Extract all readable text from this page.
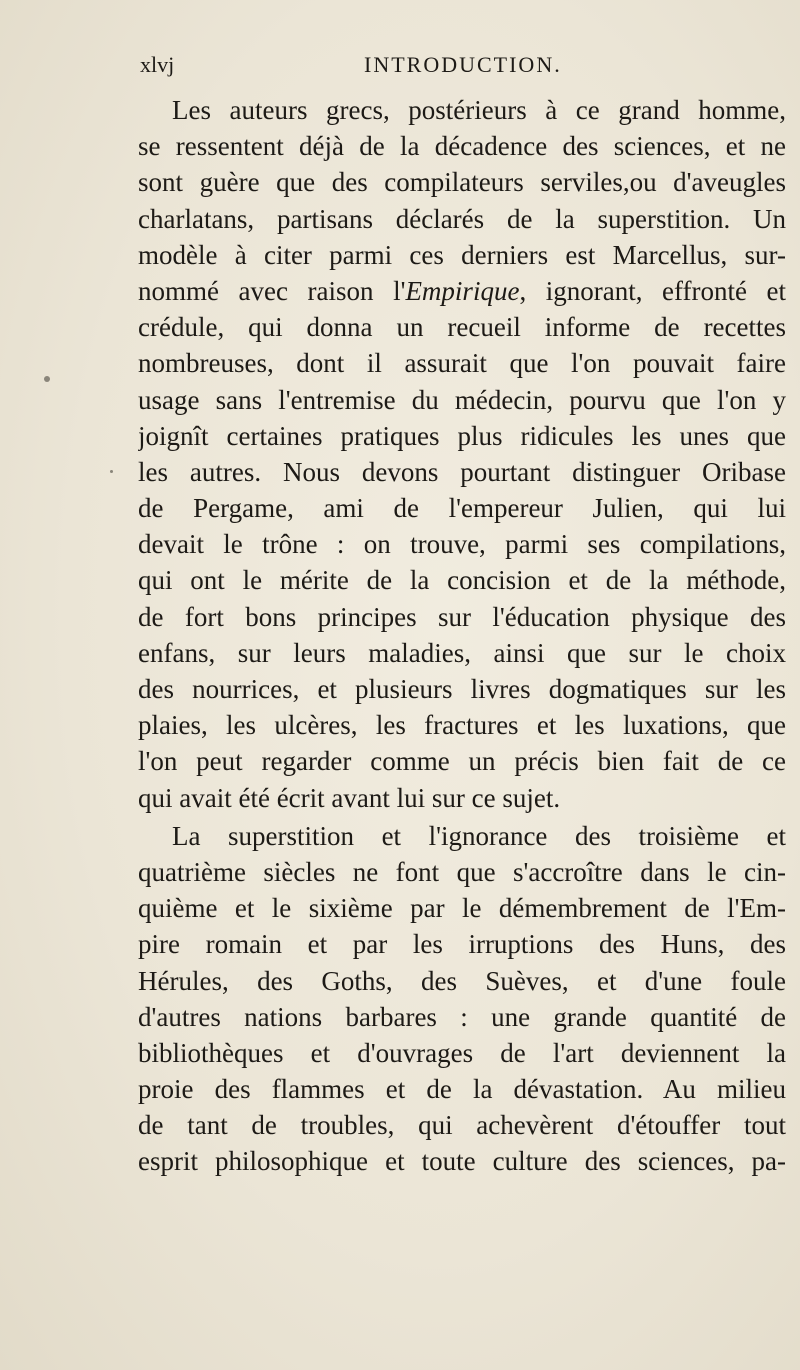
xlvj	INTRODUCTION.
Les auteurs grecs, postérieurs à ce grand homme,
se ressentent déjà de la décadence des sciences, et ne
sont guère que des compilateurs serviles,ou d'aveugles
charlatans, partisans déclarés de la superstition. Un
modèle à citer parmi ces derniers est Marcellus, sur-
nommé avec raison l'Empirique, ignorant, effronté et
crédule, qui donna un recueil informe de recettes
nombreuses, dont il assurait que l'on pouvait faire
usage sans l'entremise du médecin, pourvu que l'on y
joignît certaines pratiques plus ridicules les unes que
les autres. Nous devons pourtant distinguer Oribase
de Pergame, ami de l'empereur Julien, qui lui
devait le trône : on trouve, parmi ses compilations,
qui ont le mérite de la concision et de la méthode,
de fort bons principes sur l'éducation physique des
enfans, sur leurs maladies, ainsi que sur le choix
des nourrices, et plusieurs livres dogmatiques sur les
plaies, les ulcères, les fractures et les luxations, que
l'on peut regarder comme un précis bien fait de ce
qui avait été écrit avant lui sur ce sujet.
La superstition et l'ignorance des troisième et
quatrième siècles ne font que s'accroître dans le cin-
quième et le sixième par le démembrement de l'Em-
pire romain et par les irruptions des Huns, des
Hérules, des Goths, des Suèves, et d'une foule
d'autres nations barbares : une grande quantité de
bibliothèques et d'ouvrages de l'art deviennent la
proie des flammes et de la dévastation. Au milieu
de tant de troubles, qui achevèrent d'étouffer tout
esprit philosophique et toute culture des sciences, pa-
